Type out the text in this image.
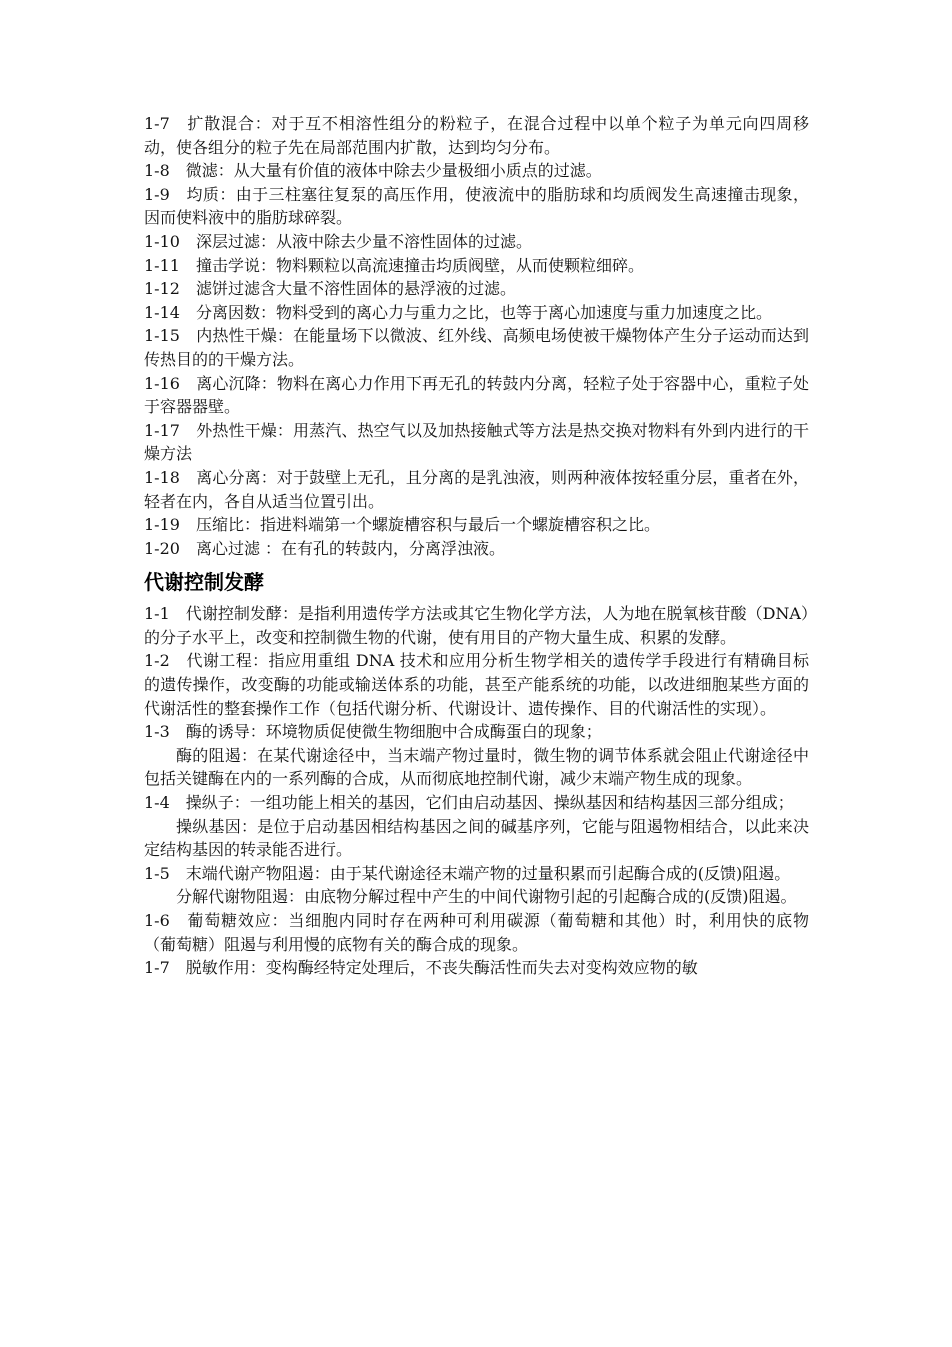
1-7　扩散混合：对于互不相溶性组分的粉粒子，在混合过程中以单个粒子为单元向四周移动，使各组分的粒子先在局部范围内扩散，达到均匀分布。

1-8　微滤：从大量有价值的液体中除去少量极细小质点的过滤。

1-9　均质：由于三柱塞往复泵的高压作用，使液流中的脂肪球和均质阀发生高速撞击现象，因而使料液中的脂肪球碎裂。

1-10　深层过滤：从液中除去少量不溶性固体的过滤。

1-11　撞击学说：物料颗粒以高流速撞击均质阀壁，从而使颗粒细碎。

1-12　滤饼过滤含大量不溶性固体的悬浮液的过滤。

1-14　分离因数：物料受到的离心力与重力之比，也等于离心加速度与重力加速度之比。

1-15　内热性干燥：在能量场下以微波、红外线、高频电场使被干燥物体产生分子运动而达到传热目的的干燥方法。

1-16　离心沉降：物料在离心力作用下再无孔的转鼓内分离，轻粒子处于容器中心，重粒子处于容器器壁。

1-17　外热性干燥：用蒸汽、热空气以及加热接触式等方法是热交换对物料有外到内进行的干燥方法

1-18　离心分离：对于鼓壁上无孔，且分离的是乳浊液，则两种液体按轻重分层，重者在外，轻者在内，各自从适当位置引出。

1-19　压缩比：指进料端第一个螺旋槽容积与最后一个螺旋槽容积之比。

1-20　离心过滤 ：在有孔的转鼓内，分离浮浊液。

代谢控制发酵

1-1　代谢控制发酵：是指利用遗传学方法或其它生物化学方法，人为地在脱氧核苷酸（DNA）的分子水平上，改变和控制微生物的代谢，使有用目的产物大量生成、积累的发酵。

1-2　代谢工程：指应用重组 DNA 技术和应用分析生物学相关的遗传学手段进行有精确目标的遗传操作，改变酶的功能或输送体系的功能，甚至产能系统的功能，以改进细胞某些方面的代谢活性的整套操作工作（包括代谢分析、代谢设计、遗传操作、目的代谢活性的实现）。

1-3　酶的诱导：环境物质促使微生物细胞中合成酶蛋白的现象；

酶的阻遏：在某代谢途径中，当末端产物过量时，微生物的调节体系就会阻止代谢途径中包括关键酶在内的一系列酶的合成，从而彻底地控制代谢，减少末端产物生成的现象。

1-4　操纵子：一组功能上相关的基因，它们由启动基因、操纵基因和结构基因三部分组成；

操纵基因：是位于启动基因相结构基因之间的碱基序列，它能与阻遏物相结合，以此来决定结构基因的转录能否进行。

1-5　末端代谢产物阻遏：由于某代谢途径末端产物的过量积累而引起酶合成的(反馈)阻遏。

分解代谢物阻遏：由底物分解过程中产生的中间代谢物引起的引起酶合成的(反馈)阻遏。

1-6　葡萄糖效应：当细胞内同时存在两种可利用碳源（葡萄糖和其他）时，利用快的底物（葡萄糖）阻遏与利用慢的底物有关的酶合成的现象。

1-7　脱敏作用：变构酶经特定处理后，不丧失酶活性而失去对变构效应物的敏
